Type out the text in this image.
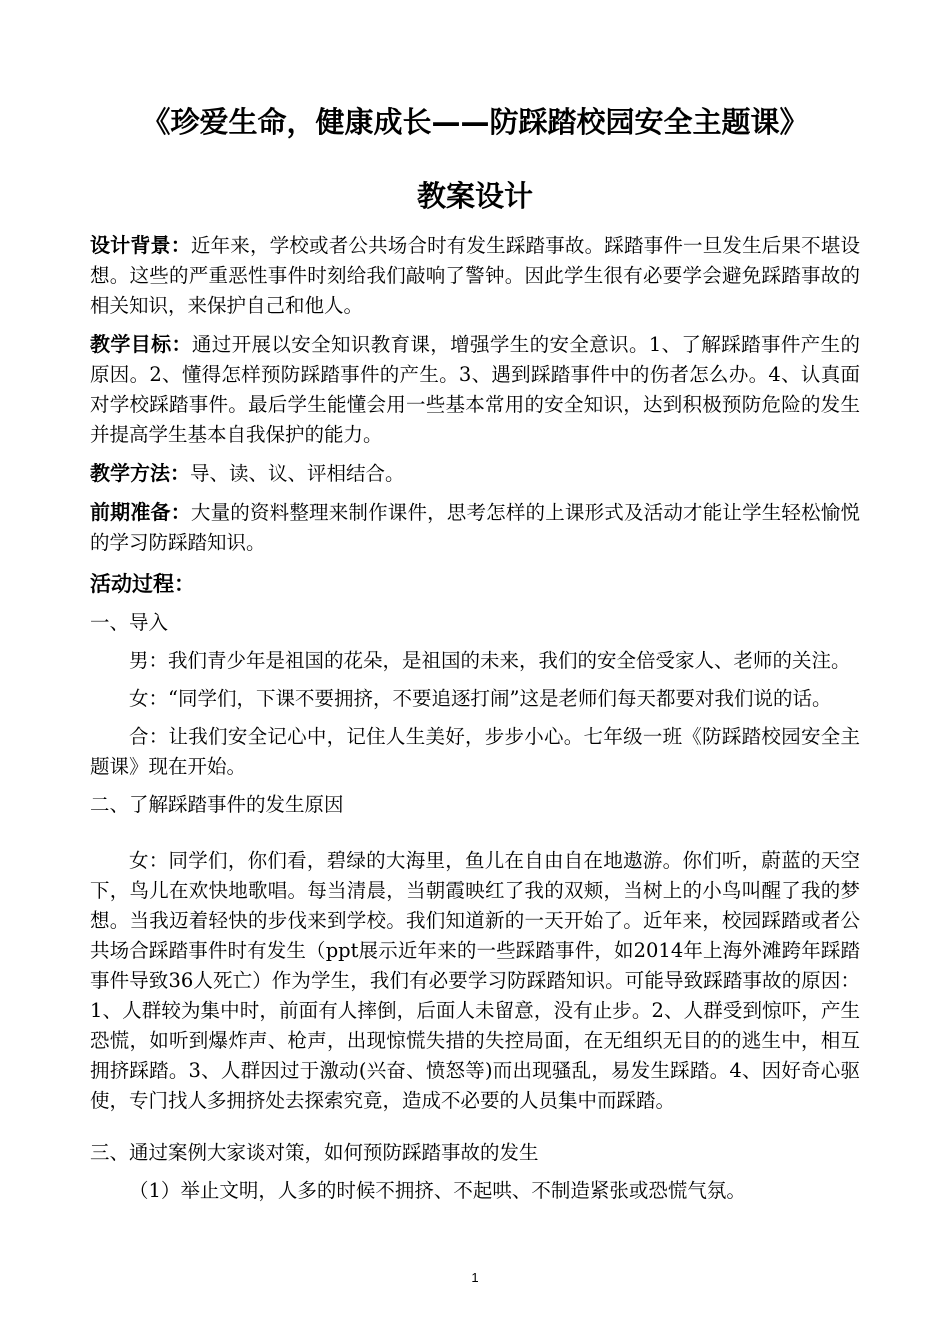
《珍爱生命，健康成长——防踩踏校园安全主题课》
教案设计

设计背景：近年来，学校或者公共场合时有发生踩踏事故。踩踏事件一旦发生后果不堪设想。这些的严重恶性事件时刻给我们敲响了警钟。因此学生很有必要学会避免踩踏事故的相关知识，来保护自己和他人。

教学目标：通过开展以安全知识教育课，增强学生的安全意识。1、了解踩踏事件产生的原因。2、懂得怎样预防踩踏事件的产生。3、遇到踩踏事件中的伤者怎么办。4、认真面对学校踩踏事件。最后学生能懂会用一些基本常用的安全知识，达到积极预防危险的发生并提高学生基本自我保护的能力。

教学方法：导、读、议、评相结合。

前期准备：大量的资料整理来制作课件，思考怎样的上课形式及活动才能让学生轻松愉悦的学习防踩踏知识。

活动过程：

一、导入

男：我们青少年是祖国的花朵，是祖国的未来，我们的安全倍受家人、老师的关注。

女：“同学们，下课不要拥挤，不要追逐打闹”这是老师们每天都要对我们说的话。

合：让我们安全记心中，记住人生美好，步步小心。七年级一班《防踩踏校园安全主题课》现在开始。

二、了解踩踏事件的发生原因

女：同学们，你们看，碧绿的大海里，鱼儿在自由自在地遨游。你们听，蔚蓝的天空下，鸟儿在欢快地歌唱。每当清晨，当朝霞映红了我的双颊，当树上的小鸟叫醒了我的梦想。当我迈着轻快的步伐来到学校。我们知道新的一天开始了。近年来，校园踩踏或者公共场合踩踏事件时有发生（ppt展示近年来的一些踩踏事件，如2014年上海外滩跨年踩踏事件导致36人死亡）作为学生，我们有必要学习防踩踏知识。可能导致踩踏事故的原因：1、人群较为集中时，前面有人摔倒，后面人未留意，没有止步。2、人群受到惊吓，产生恐慌，如听到爆炸声、枪声，出现惊慌失措的失控局面，在无组织无目的的逃生中，相互拥挤踩踏。3、人群因过于激动(兴奋、愤怒等)而出现骚乱，易发生踩踏。4、因好奇心驱使，专门找人多拥挤处去探索究竟，造成不必要的人员集中而踩踏。

三、通过案例大家谈对策，如何预防踩踏事故的发生

（1）举止文明，人多的时候不拥挤、不起哄、不制造紧张或恐慌气氛。

1
